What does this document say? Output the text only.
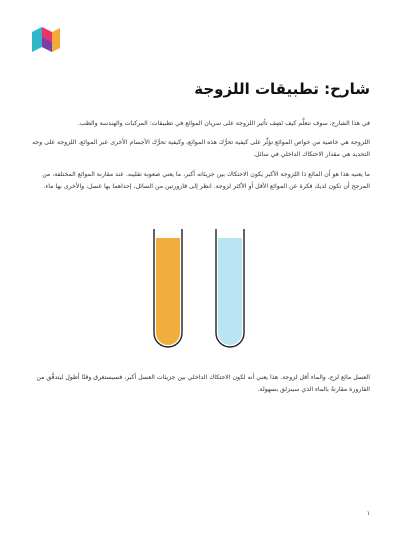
شارح: تطبيقات اللزوجة

في هذا الشارح، سوف نتعلَّم كيف نَصِف تأثير اللزوجة على سريان الموائع في تطبيقات: المركبات والهندسة والطب.

اللزوجة هي خاصية من خواص الموائع تؤثِّر على كيفية تحرُّك هذه الموائع، وكيفية تحرُّك الأجسام الأخرى عبر الموائع. اللزوجة على وجه التحديد هي مقدار الاحتكاك الداخلي في سائل.

ما يعنيه هذا هو أن المائع ذا اللزوجة الأكبر يكون الاحتكاك بين جزيئاته أكبر، ما يعني صعوبة تقليبه. عند مقارنة الموائع المختلفة، من المرجح أن تكون لديك فكرة عن الموائع الأقل أو الأكثر لزوجة. انظر إلى قارورتين من السائل، إحداهما بها عسل، والأخرى بها ماء.

العسل مائع لزج، والماء أقل لزوجة. هذا يعني أنه لكون الاحتكاك الداخلي بين جزيئات العسل أكبر، فسيستغرق وقتًا أطول ليتدفَّق من القارورة مقارنةً بالماء الذي سينزلق بسهولة.

١
